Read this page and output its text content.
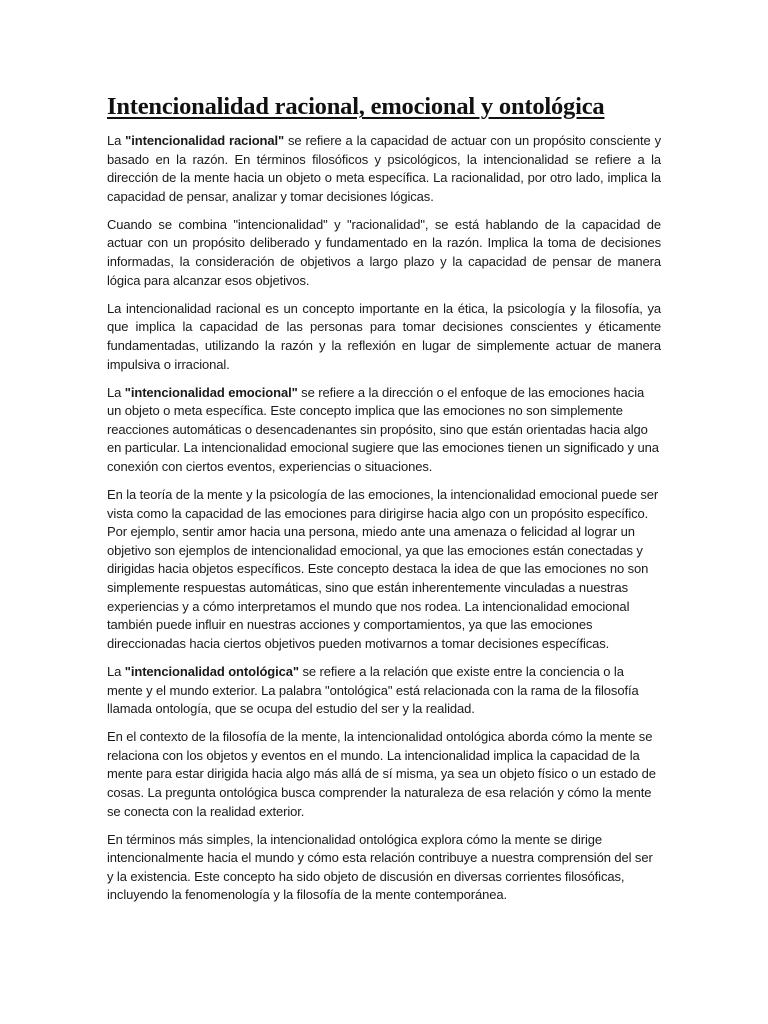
Intencionalidad racional, emocional y ontológica

La "intencionalidad racional" se refiere a la capacidad de actuar con un propósito consciente y basado en la razón. En términos filosóficos y psicológicos, la intencionalidad se refiere a la dirección de la mente hacia un objeto o meta específica. La racionalidad, por otro lado, implica la capacidad de pensar, analizar y tomar decisiones lógicas.

Cuando se combina "intencionalidad" y "racionalidad", se está hablando de la capacidad de actuar con un propósito deliberado y fundamentado en la razón. Implica la toma de decisiones informadas, la consideración de objetivos a largo plazo y la capacidad de pensar de manera lógica para alcanzar esos objetivos.

La intencionalidad racional es un concepto importante en la ética, la psicología y la filosofía, ya que implica la capacidad de las personas para tomar decisiones conscientes y éticamente fundamentadas, utilizando la razón y la reflexión en lugar de simplemente actuar de manera impulsiva o irracional.

La "intencionalidad emocional" se refiere a la dirección o el enfoque de las emociones hacia un objeto o meta específica. Este concepto implica que las emociones no son simplemente reacciones automáticas o desencadenantes sin propósito, sino que están orientadas hacia algo en particular. La intencionalidad emocional sugiere que las emociones tienen un significado y una conexión con ciertos eventos, experiencias o situaciones.

En la teoría de la mente y la psicología de las emociones, la intencionalidad emocional puede ser vista como la capacidad de las emociones para dirigirse hacia algo con un propósito específico. Por ejemplo, sentir amor hacia una persona, miedo ante una amenaza o felicidad al lograr un objetivo son ejemplos de intencionalidad emocional, ya que las emociones están conectadas y dirigidas hacia objetos específicos. Este concepto destaca la idea de que las emociones no son simplemente respuestas automáticas, sino que están inherentemente vinculadas a nuestras experiencias y a cómo interpretamos el mundo que nos rodea. La intencionalidad emocional también puede influir en nuestras acciones y comportamientos, ya que las emociones direccionadas hacia ciertos objetivos pueden motivarnos a tomar decisiones específicas.

La "intencionalidad ontológica" se refiere a la relación que existe entre la conciencia o la mente y el mundo exterior. La palabra "ontológica" está relacionada con la rama de la filosofía llamada ontología, que se ocupa del estudio del ser y la realidad.

En el contexto de la filosofía de la mente, la intencionalidad ontológica aborda cómo la mente se relaciona con los objetos y eventos en el mundo. La intencionalidad implica la capacidad de la mente para estar dirigida hacia algo más allá de sí misma, ya sea un objeto físico o un estado de cosas. La pregunta ontológica busca comprender la naturaleza de esa relación y cómo la mente se conecta con la realidad exterior.

En términos más simples, la intencionalidad ontológica explora cómo la mente se dirige intencionalmente hacia el mundo y cómo esta relación contribuye a nuestra comprensión del ser y la existencia. Este concepto ha sido objeto de discusión en diversas corrientes filosóficas, incluyendo la fenomenología y la filosofía de la mente contemporánea.
